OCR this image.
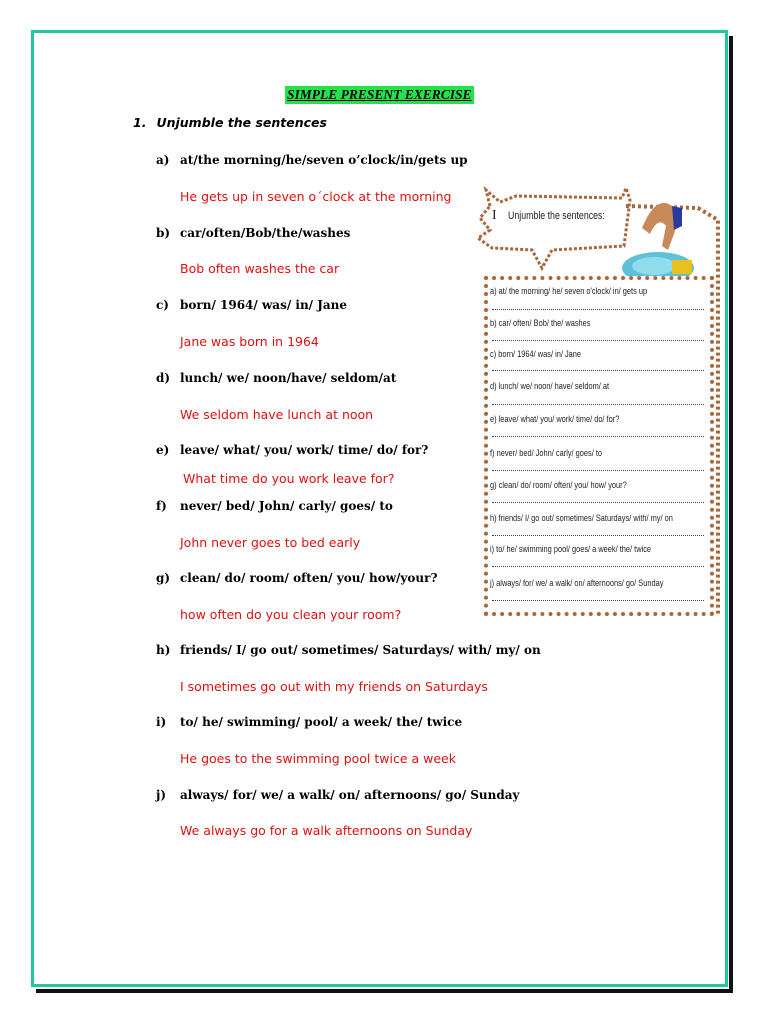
SIMPLE PRESENT EXERCISE
1. Unjumble the sentences
a) at/the morning/he/seven o’clock/in/gets up
He gets up in seven o´clock at the morning
b) car/often/Bob/the/washes
Bob often washes the car
c) born/ 1964/ was/ in/ Jane
Jane was born in 1964
d) lunch/ we/ noon/have/ seldom/at
We seldom have lunch at noon
e) leave/ what/ you/ work/ time/ do/ for?
What time do you work leave for?
f) never/ bed/ John/ carly/ goes/ to
John never goes to bed early
g) clean/ do/ room/ often/ you/ how/your?
how often do you clean your room?
h) friends/ I/ go out/ sometimes/ Saturdays/ with/ my/ on
I sometimes go out with my friends on Saturdays
i) to/ he/ swimming/ pool/ a week/ the/ twice
He goes to the swimming pool twice a week
j) always/ for/ we/ a walk/ on/ afternoons/ go/ Sunday
We always go for a walk afternoons on Sunday
I Unjumble the sentences:
a) at/ the morning/ he/ seven o'clock/ in/ gets up
b) car/ often/ Bob/ the/ washes
c) born/ 1964/ was/ in/ Jane
d) lunch/ we/ noon/ have/ seldom/ at
e) leave/ what/ you/ work/ time/ do/ for?
f) never/ bed/ John/ carly/ goes/ to
g) clean/ do/ room/ often/ you/ how/ your?
h) friends/ I/ go out/ sometimes/ Saturdays/ with/ my/ on
i) to/ he/ swimming pool/ goes/ a week/ the/ twice
j) always/ for/ we/ a walk/ on/ afternoons/ go/ Sunday
